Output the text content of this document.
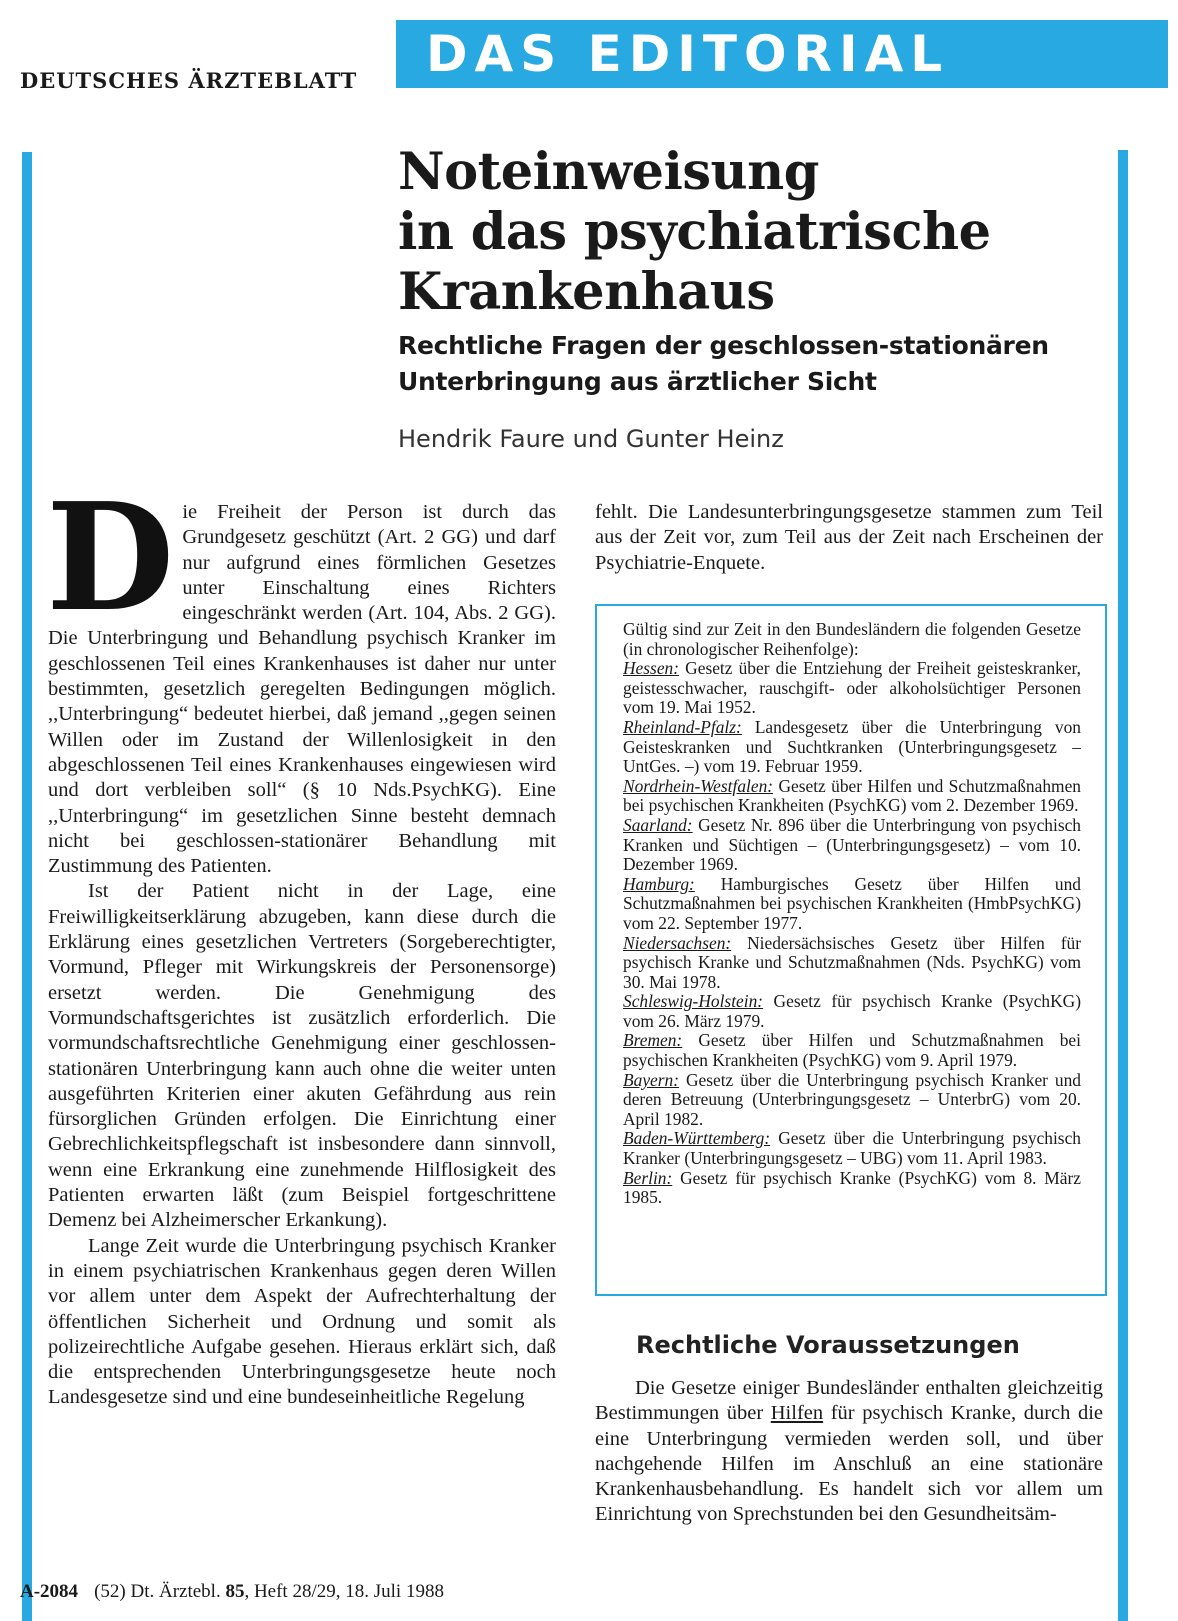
DEUTSCHES ÄRZTEBLATT DAS EDITORIAL
Noteinweisung
in das psychiatrische
Krankenhaus
Rechtliche Fragen der geschlossen-stationären
Unterbringung aus ärztlicher Sicht
Hendrik Faure und Gunter Heinz

Die Freiheit der Person ist durch das Grundgesetz geschützt (Art. 2 GG) und darf nur aufgrund eines förmlichen Gesetzes unter Einschaltung eines Richters eingeschränkt werden (Art. 104, Abs. 2 GG). Die Unterbringung und Behandlung psychisch Kranker im geschlossenen Teil eines Krankenhauses ist daher nur unter bestimmten, gesetzlich geregelten Bedingungen möglich. ,,Unterbringung“ bedeutet hierbei, daß jemand ,,gegen seinen Willen oder im Zustand der Willenlosigkeit in den abgeschlossenen Teil eines Krankenhauses eingewiesen wird und dort verbleiben soll“ (§ 10 Nds.PsychKG). Eine ,,Unterbringung“ im gesetzlichen Sinne besteht demnach nicht bei geschlossen-stationärer Behandlung mit Zustimmung des Patienten.

Ist der Patient nicht in der Lage, eine Freiwilligkeitserklärung abzugeben, kann diese durch die Erklärung eines gesetzlichen Vertreters (Sorgeberechtigter, Vormund, Pfleger mit Wirkungskreis der Personensorge) ersetzt werden. Die Genehmigung des Vormundschaftsgerichtes ist zusätzlich erforderlich. Die vormundschaftsrechtliche Genehmigung einer geschlossen-stationären Unterbringung kann auch ohne die weiter unten ausgeführten Kriterien einer akuten Gefährdung aus rein fürsorglichen Gründen erfolgen. Die Einrichtung einer Gebrechlichkeitspflegschaft ist insbesondere dann sinnvoll, wenn eine Erkrankung eine zunehmende Hilflosigkeit des Patienten erwarten läßt (zum Beispiel fortgeschrittene Demenz bei Alzheimerscher Erkankung).

Lange Zeit wurde die Unterbringung psychisch Kranker in einem psychiatrischen Krankenhaus gegen deren Willen vor allem unter dem Aspekt der Aufrechterhaltung der öffentlichen Sicherheit und Ordnung und somit als polizeirechtliche Aufgabe gesehen. Hieraus erklärt sich, daß die entsprechenden Unterbringungsgesetze heute noch Landesgesetze sind und eine bundeseinheitliche Regelung

fehlt. Die Landesunterbringungsgesetze stammen zum Teil aus der Zeit vor, zum Teil aus der Zeit nach Erscheinen der Psychiatrie-Enquete.

Gültig sind zur Zeit in den Bundesländern die folgenden Gesetze (in chronologischer Reihenfolge):
Hessen: Gesetz über die Entziehung der Freiheit geisteskranker, geistesschwacher, rauschgift- oder alkoholsüchtiger Personen vom 19. Mai 1952.
Rheinland-Pfalz: Landesgesetz über die Unterbringung von Geisteskranken und Suchtkranken (Unterbringungsgesetz – UntGes. –) vom 19. Februar 1959.
Nordrhein-Westfalen: Gesetz über Hilfen und Schutzmaßnahmen bei psychischen Krankheiten (PsychKG) vom 2. Dezember 1969.
Saarland: Gesetz Nr. 896 über die Unterbringung von psychisch Kranken und Süchtigen – (Unterbringungsgesetz) – vom 10. Dezember 1969.
Hamburg: Hamburgisches Gesetz über Hilfen und Schutzmaßnahmen bei psychischen Krankheiten (HmbPsychKG) vom 22. September 1977.
Niedersachsen: Niedersächsisches Gesetz über Hilfen für psychisch Kranke und Schutzmaßnahmen (Nds. PsychKG) vom 30. Mai 1978.
Schleswig-Holstein: Gesetz für psychisch Kranke (PsychKG) vom 26. März 1979.
Bremen: Gesetz über Hilfen und Schutzmaßnahmen bei psychischen Krankheiten (PsychKG) vom 9. April 1979.
Bayern: Gesetz über die Unterbringung psychisch Kranker und deren Betreuung (Unterbringungsgesetz – UnterbrG) vom 20. April 1982.
Baden-Württemberg: Gesetz über die Unterbringung psychisch Kranker (Unterbringungsgesetz – UBG) vom 11. April 1983.
Berlin: Gesetz für psychisch Kranke (PsychKG) vom 8. März 1985.
Rechtliche Voraussetzungen

Die Gesetze einiger Bundesländer enthalten gleichzeitig Bestimmungen über Hilfen für psychisch Kranke, durch die eine Unterbringung vermieden werden soll, und über nachgehende Hilfen im Anschluß an eine stationäre Krankenhausbehandlung. Es handelt sich vor allem um Einrichtung von Sprechstunden bei den Gesundheitsäm-

A-2084 (52) Dt. Ärztebl. 85, Heft 28/29, 18. Juli 1988
